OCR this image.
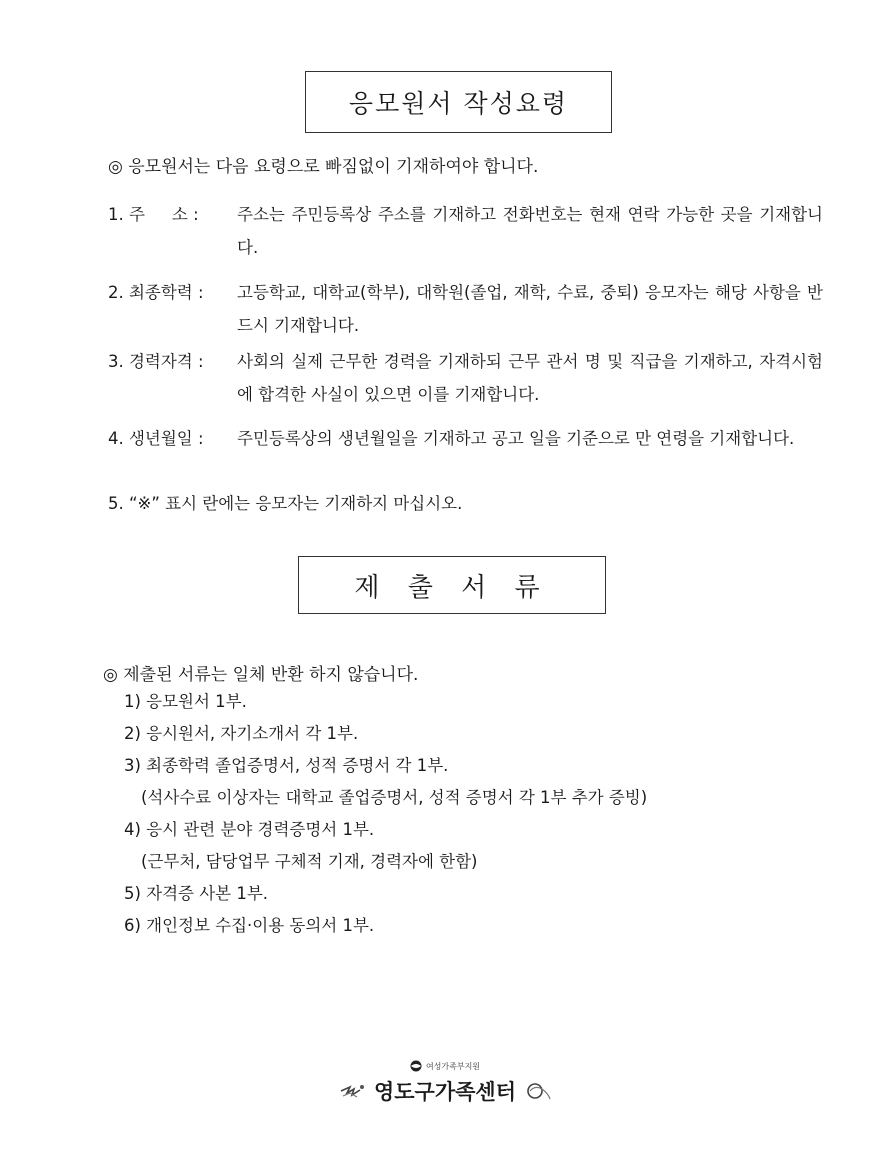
응모원서 작성요령
◎ 응모원서는 다음 요령으로 빠짐없이 기재하여야 합니다.
1. 주 　 소 : 주소는 주민등록상 주소를 기재하고 전화번호는 현재 연락 가능한 곳을 기재합니다.
2. 최종학력 : 고등학교, 대학교(학부), 대학원(졸업, 재학, 수료, 중퇴) 응모자는 해당 사항을 반드시 기재합니다.
3. 경력자격 : 사회의 실제 근무한 경력을 기재하되 근무 관서 명 및 직급을 기재하고, 자격시험에 합격한 사실이 있으면 이를 기재합니다.
4. 생년월일 : 주민등록상의 생년월일을 기재하고 공고 일을 기준으로 만 연령을 기재합니다.
5. “※” 표시 란에는 응모자는 기재하지 마십시오.
제 출 서 류
◎ 제출된 서류는 일체 반환 하지 않습니다.
1) 응모원서 1부.
2) 응시원서, 자기소개서 각 1부.
3) 최종학력 졸업증명서, 성적 증명서 각 1부.
(석사수료 이상자는 대학교 졸업증명서, 성적 증명서 각 1부 추가 증빙)
4) 응시 관련 분야 경력증명서 1부.
(근무처, 담당업무 구체적 기재, 경력자에 한함)
5) 자격증 사본 1부.
6) 개인정보 수집·이용 동의서 1부.
여성가족부지원
영도구가족센터
